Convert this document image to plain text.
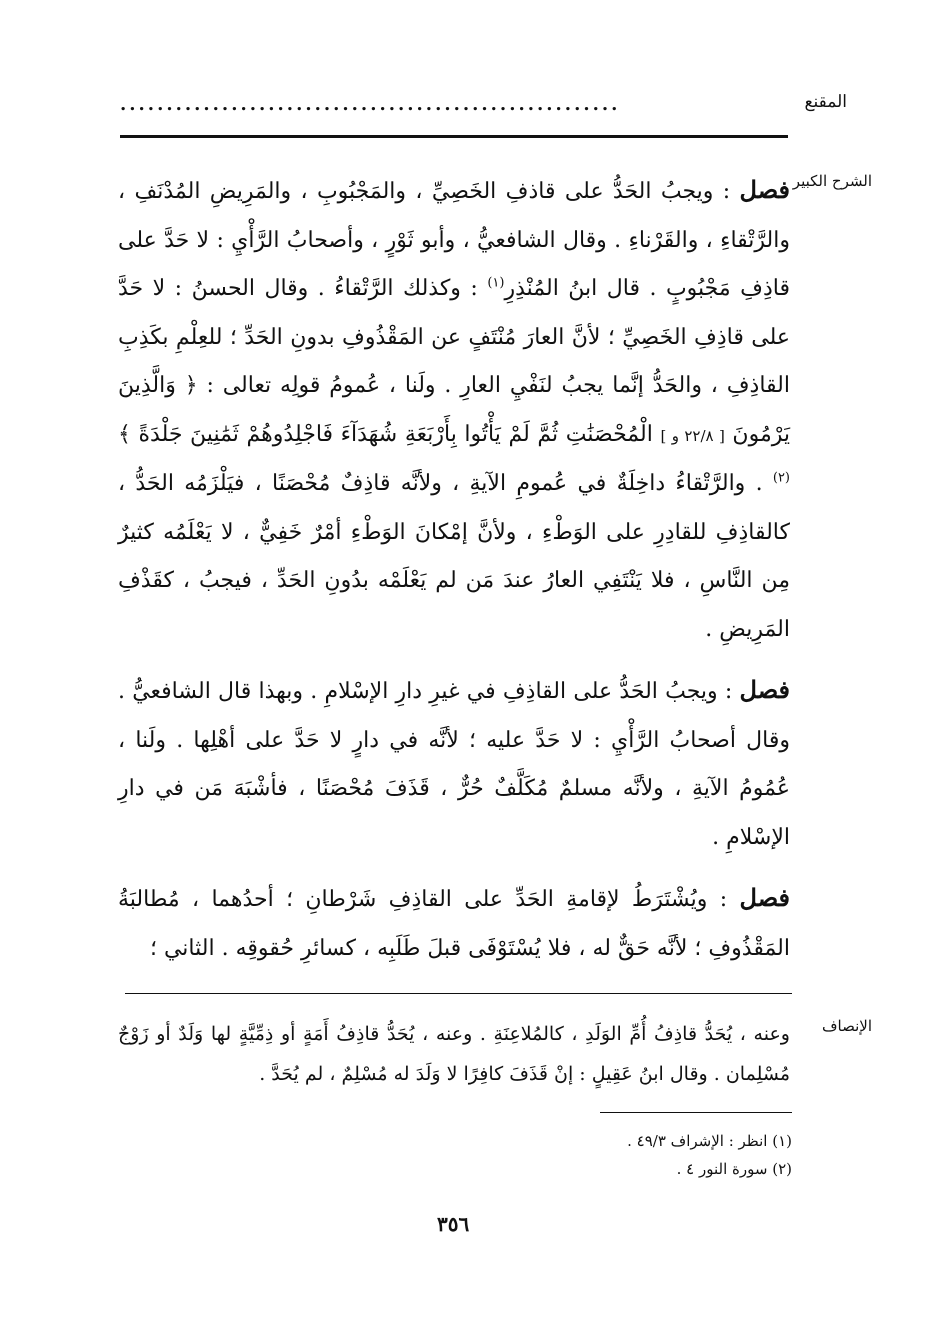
المقنع
......................................................
الشرح الكبير
الإنصاف

فصل : ويجبُ الحَدُّ على قاذفِ الخَصِيِّ ، والمَجْبُوبِ ، والمَرِيضِ المُدْنَفِ ، والرَّتْقاءِ ، والقَرْناءِ . وقال الشافعيُّ ، وأبو ثَوْرٍ ، وأصحابُ الرَّأْيِ : لا حَدَّ على قاذِفِ مَجْبُوبٍ . قال ابنُ المُنْذِرِ$^{(١)}$ : وكذلك الرَّتْقاءُ . وقال الحسنُ : لا حَدَّ على قاذِفِ الخَصِيِّ ؛ لأنَّ العارَ مُنْتَفٍ عن المَقْذُوفِ بدونِ الحَدِّ ؛ للعِلْمِ بكَذِبِ القاذِفِ ، والحَدُّ إنَّما يجبُ لنَفْيِ العارِ . ولَنا ، عُمومُ قولِه تعالى : ﴿ وَالَّذِينَ يَرْمُونَ [ ٢٢/٨ و ] الْمُحْصَنَٰتِ ثُمَّ لَمْ يَأْتُوا بِأَرْبَعَةِ شُهَدَآءَ فَاجْلِدُوهُمْ ثَمَٰنِينَ جَلْدَةً ﴾$^{(٢)}$ . والرَّتْقاءُ داخِلَةٌ في عُمومِ الآيةِ ، ولأنَّه قاذِفٌ مُحْصَنًا ، فيَلْزَمُه الحَدُّ ، كالقاذِفِ للقادِرِ على الوَطْءِ ، ولأنَّ إمْكانَ الوَطْءِ أمْرٌ خَفِيٌّ ، لا يَعْلَمُه كثيرٌ مِن النَّاسِ ، فلا يَنْتَفِي العارُ عندَ مَن لم يَعْلَمْه بدُونِ الحَدِّ ، فيجبُ ، كقَذْفِ المَرِيضِ .

فصل : ويجبُ الحَدُّ على القاذِفِ في غيرِ دارِ الإسْلامِ . وبهذا قال الشافعيُّ . وقال أصحابُ الرَّأْيِ : لا حَدَّ عليه ؛ لأنَّه في دارٍ لا حَدَّ على أهْلِها . ولَنا ، عُمُومُ الآيةِ ، ولأنَّه مسلمٌ مُكَلَّفٌ حُرٌّ ، قَذَفَ مُحْصَنًا ، فأشْبَهَ مَن في دارِ الإسْلامِ .

فصل : ويُشْتَرَطُ لإقامةِ الحَدِّ على القاذِفِ شَرْطانِ ؛ أحدُهما ، مُطالبَةُ المَقْذُوفِ ؛ لأنَّه حَقٌّ له ، فلا يُسْتَوْفَى قبلَ طَلَبِه ، كسائرِ حُقوقِه . الثاني ؛

وعنه ، يُحَدُّ قاذِفُ أُمِّ الوَلَدِ ، كالمُلاعِنَةِ . وعنه ، يُحَدُّ قاذِفُ أَمَةٍ أو ذِمِّيَّةٍ لها وَلَدٌ أو زَوْجٌ مُسْلِمان . وقال ابنُ عَقِيلٍ : إنْ قَذَفَ كافِرًا لا وَلَدَ له مُسْلِمٌ ، لم يُحَدَّ .
(١) انظر : الإشراف ٤٩/٣ .
(٢) سورة النور ٤ .
٣٥٦
